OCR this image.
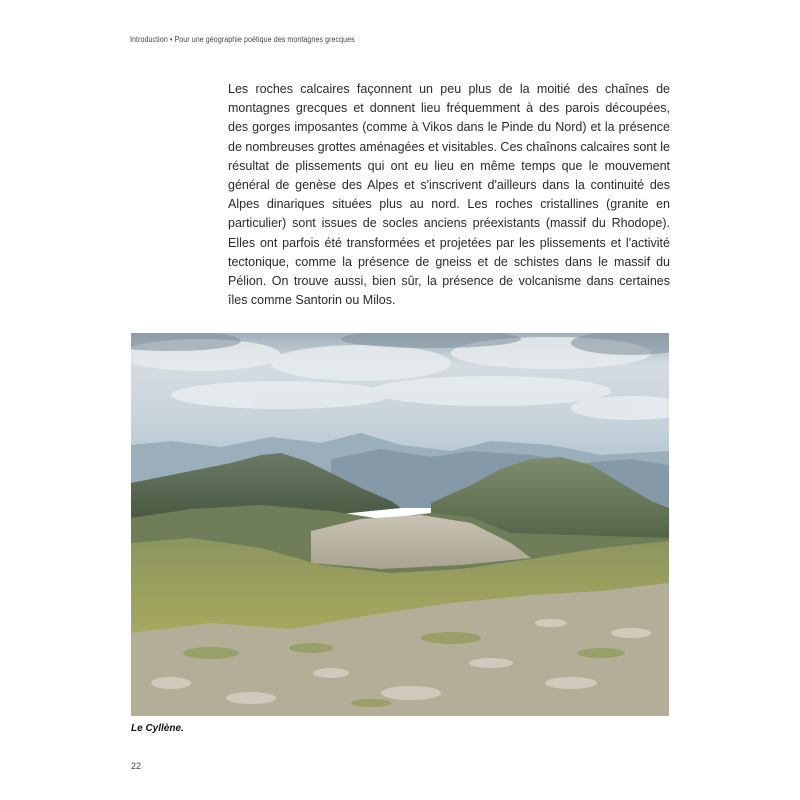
Introduction • Pour une géographie poétique des montagnes grecques

Les roches calcaires façonnent un peu plus de la moitié des chaînes de montagnes grecques et donnent lieu fréquemment à des parois découpées, des gorges imposantes (comme à Vikos dans le Pinde du Nord) et la présence de nombreuses grottes aménagées et visitables. Ces chaînons calcaires sont le résultat de plissements qui ont eu lieu en même temps que le mouvement général de genèse des Alpes et s'inscrivent d'ailleurs dans la continuité des Alpes dinariques situées plus au nord. Les roches cristallines (granite en particulier) sont issues de socles anciens préexistants (massif du Rhodope). Elles ont parfois été transformées et projetées par les plissements et l'activité tectonique, comme la présence de gneiss et de schistes dans le massif du Pélion. On trouve aussi, bien sûr, la présence de volcanisme dans certaines îles comme Santorin ou Milos.

Le Cyllène.
22
